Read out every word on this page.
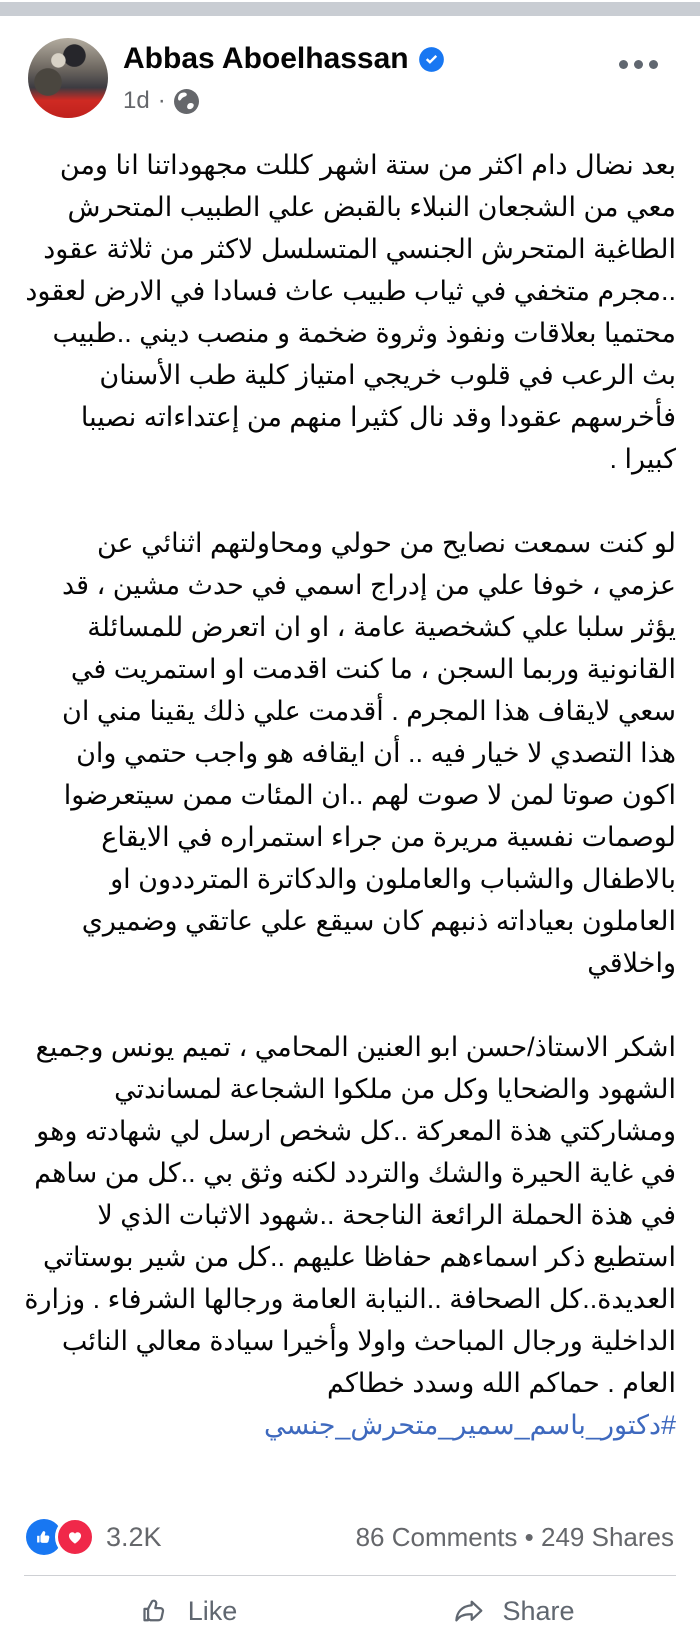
Abbas Aboelhassan
1d ·

بعد نضال دام اكثر من ستة اشهر كللت مجهوداتنا انا ومن معي من الشجعان النبلاء بالقبض علي الطبيب المتحرش الطاغية المتحرش الجنسي المتسلسل لاكثر من ثلاثة عقود ..مجرم متخفي في ثياب طبيب عاث فسادا في الارض لعقود محتميا بعلاقات ونفوذ وثروة ضخمة و منصب ديني ..طبيب بث الرعب في قلوب خريجي امتياز كلية طب الأسنان فأخرسهم عقودا وقد نال كثيرا منهم من إعتداءاته نصيبا كبيرا .

لو كنت سمعت نصايح من حولي ومحاولتهم اثنائي عن عزمي ، خوفا علي من إدراج اسمي في حدث مشين ، قد يؤثر سلبا علي كشخصية عامة ، او ان اتعرض للمسائلة القانونية وربما السجن ، ما كنت اقدمت او استمريت في سعي لايقاف هذا المجرم . أقدمت علي ذلك يقينا مني ان هذا التصدي لا خيار فيه .. أن ايقافه هو واجب حتمي وان اكون صوتا لمن لا صوت لهم ..ان المئات ممن سيتعرضوا لوصمات نفسية مريرة من جراء استمراره في الايقاع بالاطفال والشباب والعاملون والدكاترة المترددون او العاملون بعياداته ذنبهم كان سيقع علي عاتقي وضميري واخلاقي

اشكر الاستاذ/حسن ابو العنين المحامي ، تميم يونس وجميع الشهود والضحايا وكل من ملكوا الشجاعة لمساندتي ومشاركتي هذة المعركة ..كل شخص ارسل لي شهادته وهو في غاية الحيرة والشك والتردد لكنه وثق بي ..كل من ساهم في هذة الحملة الرائعة الناجحة ..شهود الاثبات الذي لا استطيع ذكر اسماءهم حفاظا عليهم ..كل من شير بوستاتي العديدة..كل الصحافة ..النيابة العامة ورجالها الشرفاء . وزارة الداخلية ورجال المباحث واولا وأخيرا سيادة معالي النائب العام . حماكم الله وسدد خطاكم

#دكتور_باسم_سمير_متحرش_جنسي
3.2K	86 Comments • 249 Shares
Like	Share
